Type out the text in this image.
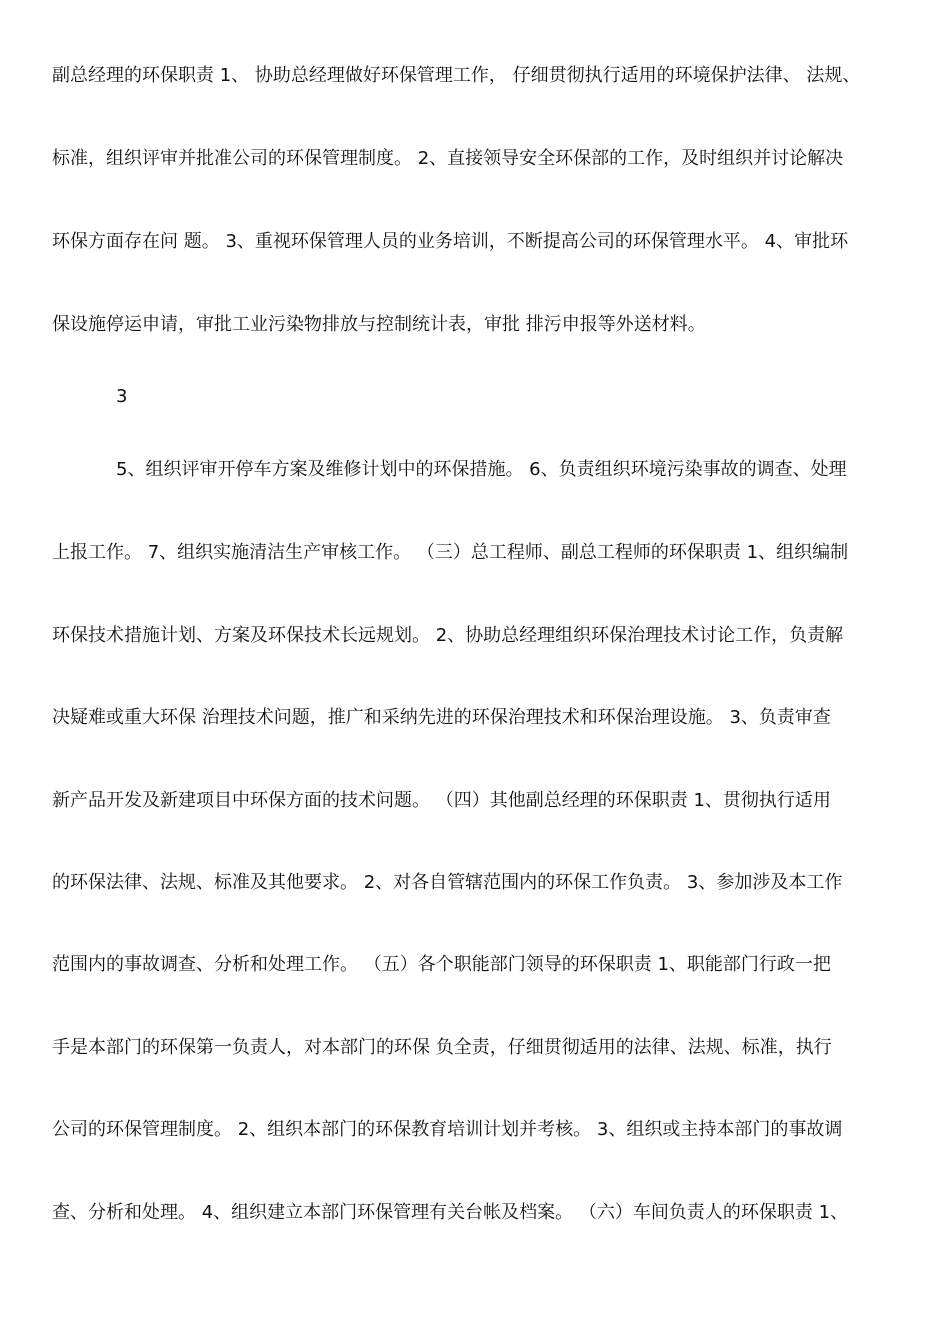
副总经理的环保职责 1、 协助总经理做好环保管理工作， 仔细贯彻执行适用的环境保护法律、 法规、
标准，组织评审并批准公司的环保管理制度。 2、直接领导安全环保部的工作，及时组织并讨论解决
环保方面存在问 题。 3、重视环保管理人员的业务培训，不断提高公司的环保管理水平。 4、审批环
保设施停运申请，审批工业污染物排放与控制统计表，审批 排污申报等外送材料。
3
5、组织评审开停车方案及维修计划中的环保措施。 6、负责组织环境污染事故的调查、处理
上报工作。 7、组织实施清洁生产审核工作。 （三）总工程师、副总工程师的环保职责 1、组织编制
环保技术措施计划、方案及环保技术长远规划。 2、协助总经理组织环保治理技术讨论工作，负责解
决疑难或重大环保 治理技术问题，推广和采纳先进的环保治理技术和环保治理设施。 3、负责审查
新产品开发及新建项目中环保方面的技术问题。 （四）其他副总经理的环保职责 1、贯彻执行适用
的环保法律、法规、标准及其他要求。 2、对各自管辖范围内的环保工作负责。 3、参加涉及本工作
范围内的事故调查、分析和处理工作。 （五）各个职能部门领导的环保职责 1、职能部门行政一把
手是本部门的环保第一负责人，对本部门的环保 负全责，仔细贯彻适用的法律、法规、标准，执行
公司的环保管理制度。 2、组织本部门的环保教育培训计划并考核。 3、组织或主持本部门的事故调
查、分析和处理。 4、组织建立本部门环保管理有关台帐及档案。 （六）车间负责人的环保职责 1、
